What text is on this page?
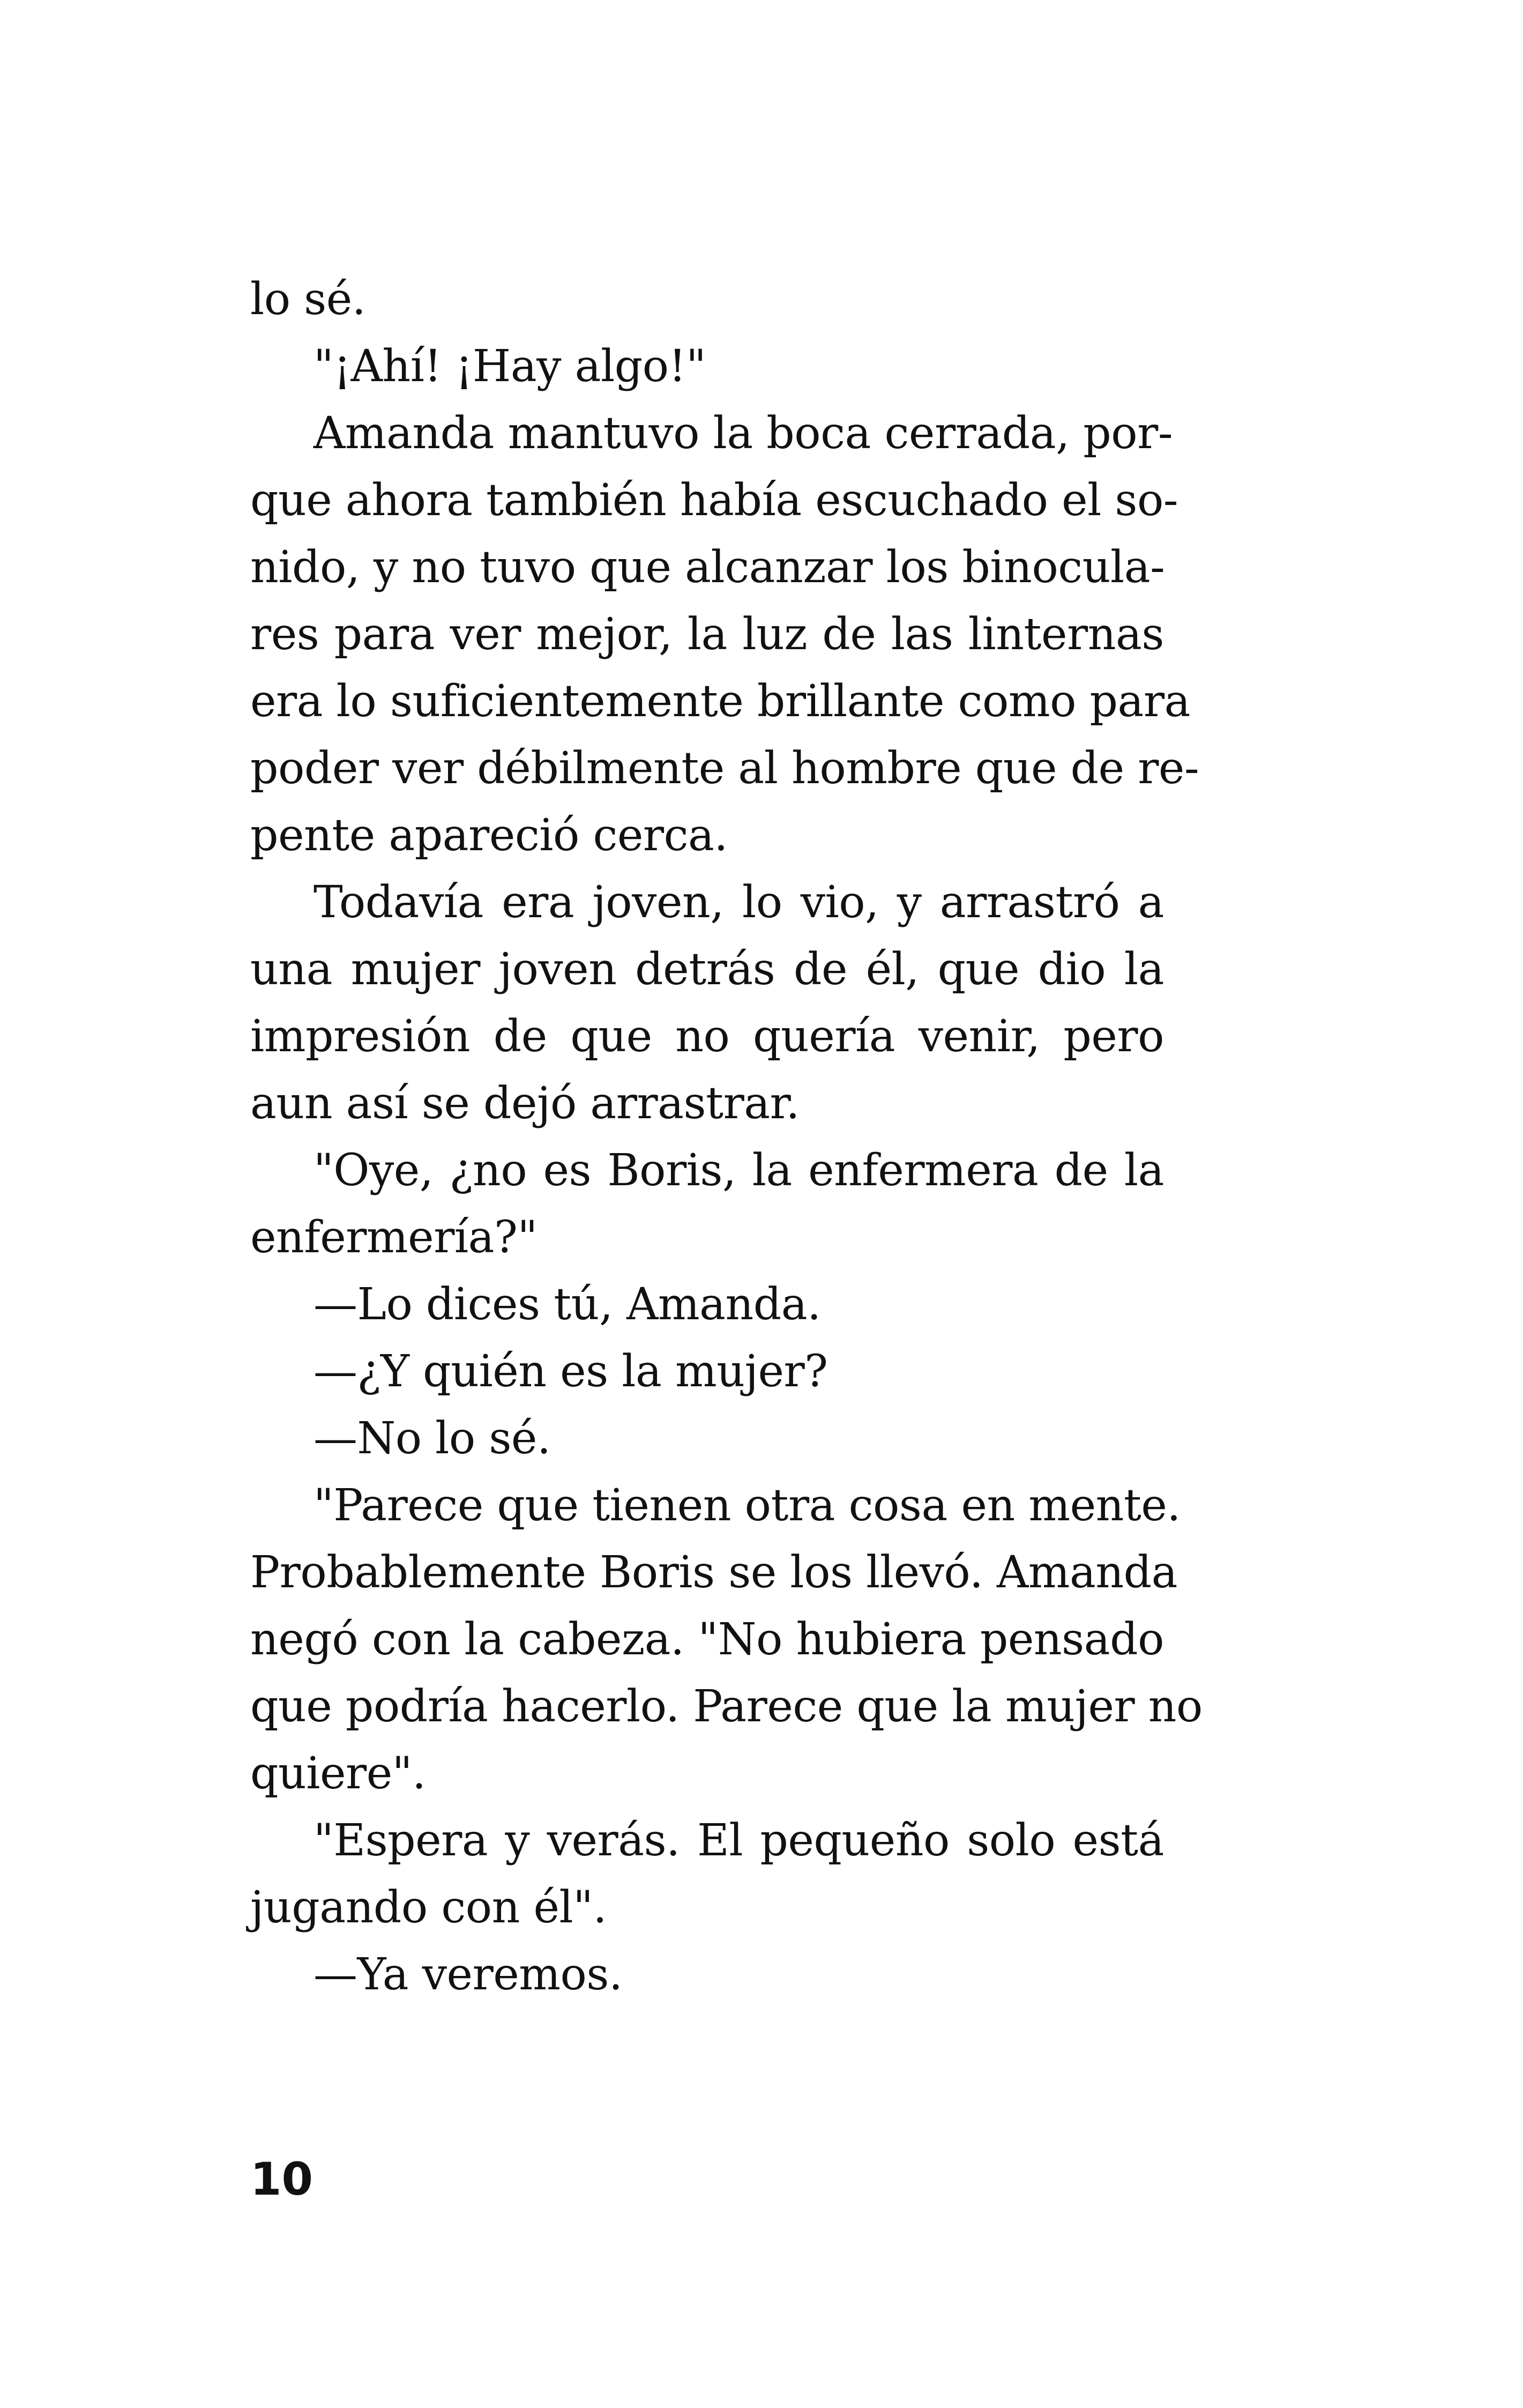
lo sé.
"¡Ahí! ¡Hay algo!"
Amanda mantuvo la boca cerrada, por-
que ahora también había escuchado el so-
nido, y no tuvo que alcanzar los binocula-
res para ver mejor, la luz de las linternas
era lo suficientemente brillante como para
poder ver débilmente al hombre que de re-
pente apareció cerca.
Todavía era joven, lo vio, y arrastró a
una mujer joven detrás de él, que dio la
impresión de que no quería venir, pero
aun así se dejó arrastrar.
"Oye, ¿no es Boris, la enfermera de la
enfermería?"
—Lo dices tú, Amanda.
—¿Y quién es la mujer?
—No lo sé.
"Parece que tienen otra cosa en mente.
Probablemente Boris se los llevó. Amanda
negó con la cabeza. "No hubiera pensado
que podría hacerlo. Parece que la mujer no
quiere".
"Espera y verás. El pequeño solo está
jugando con él".
—Ya veremos.
10
